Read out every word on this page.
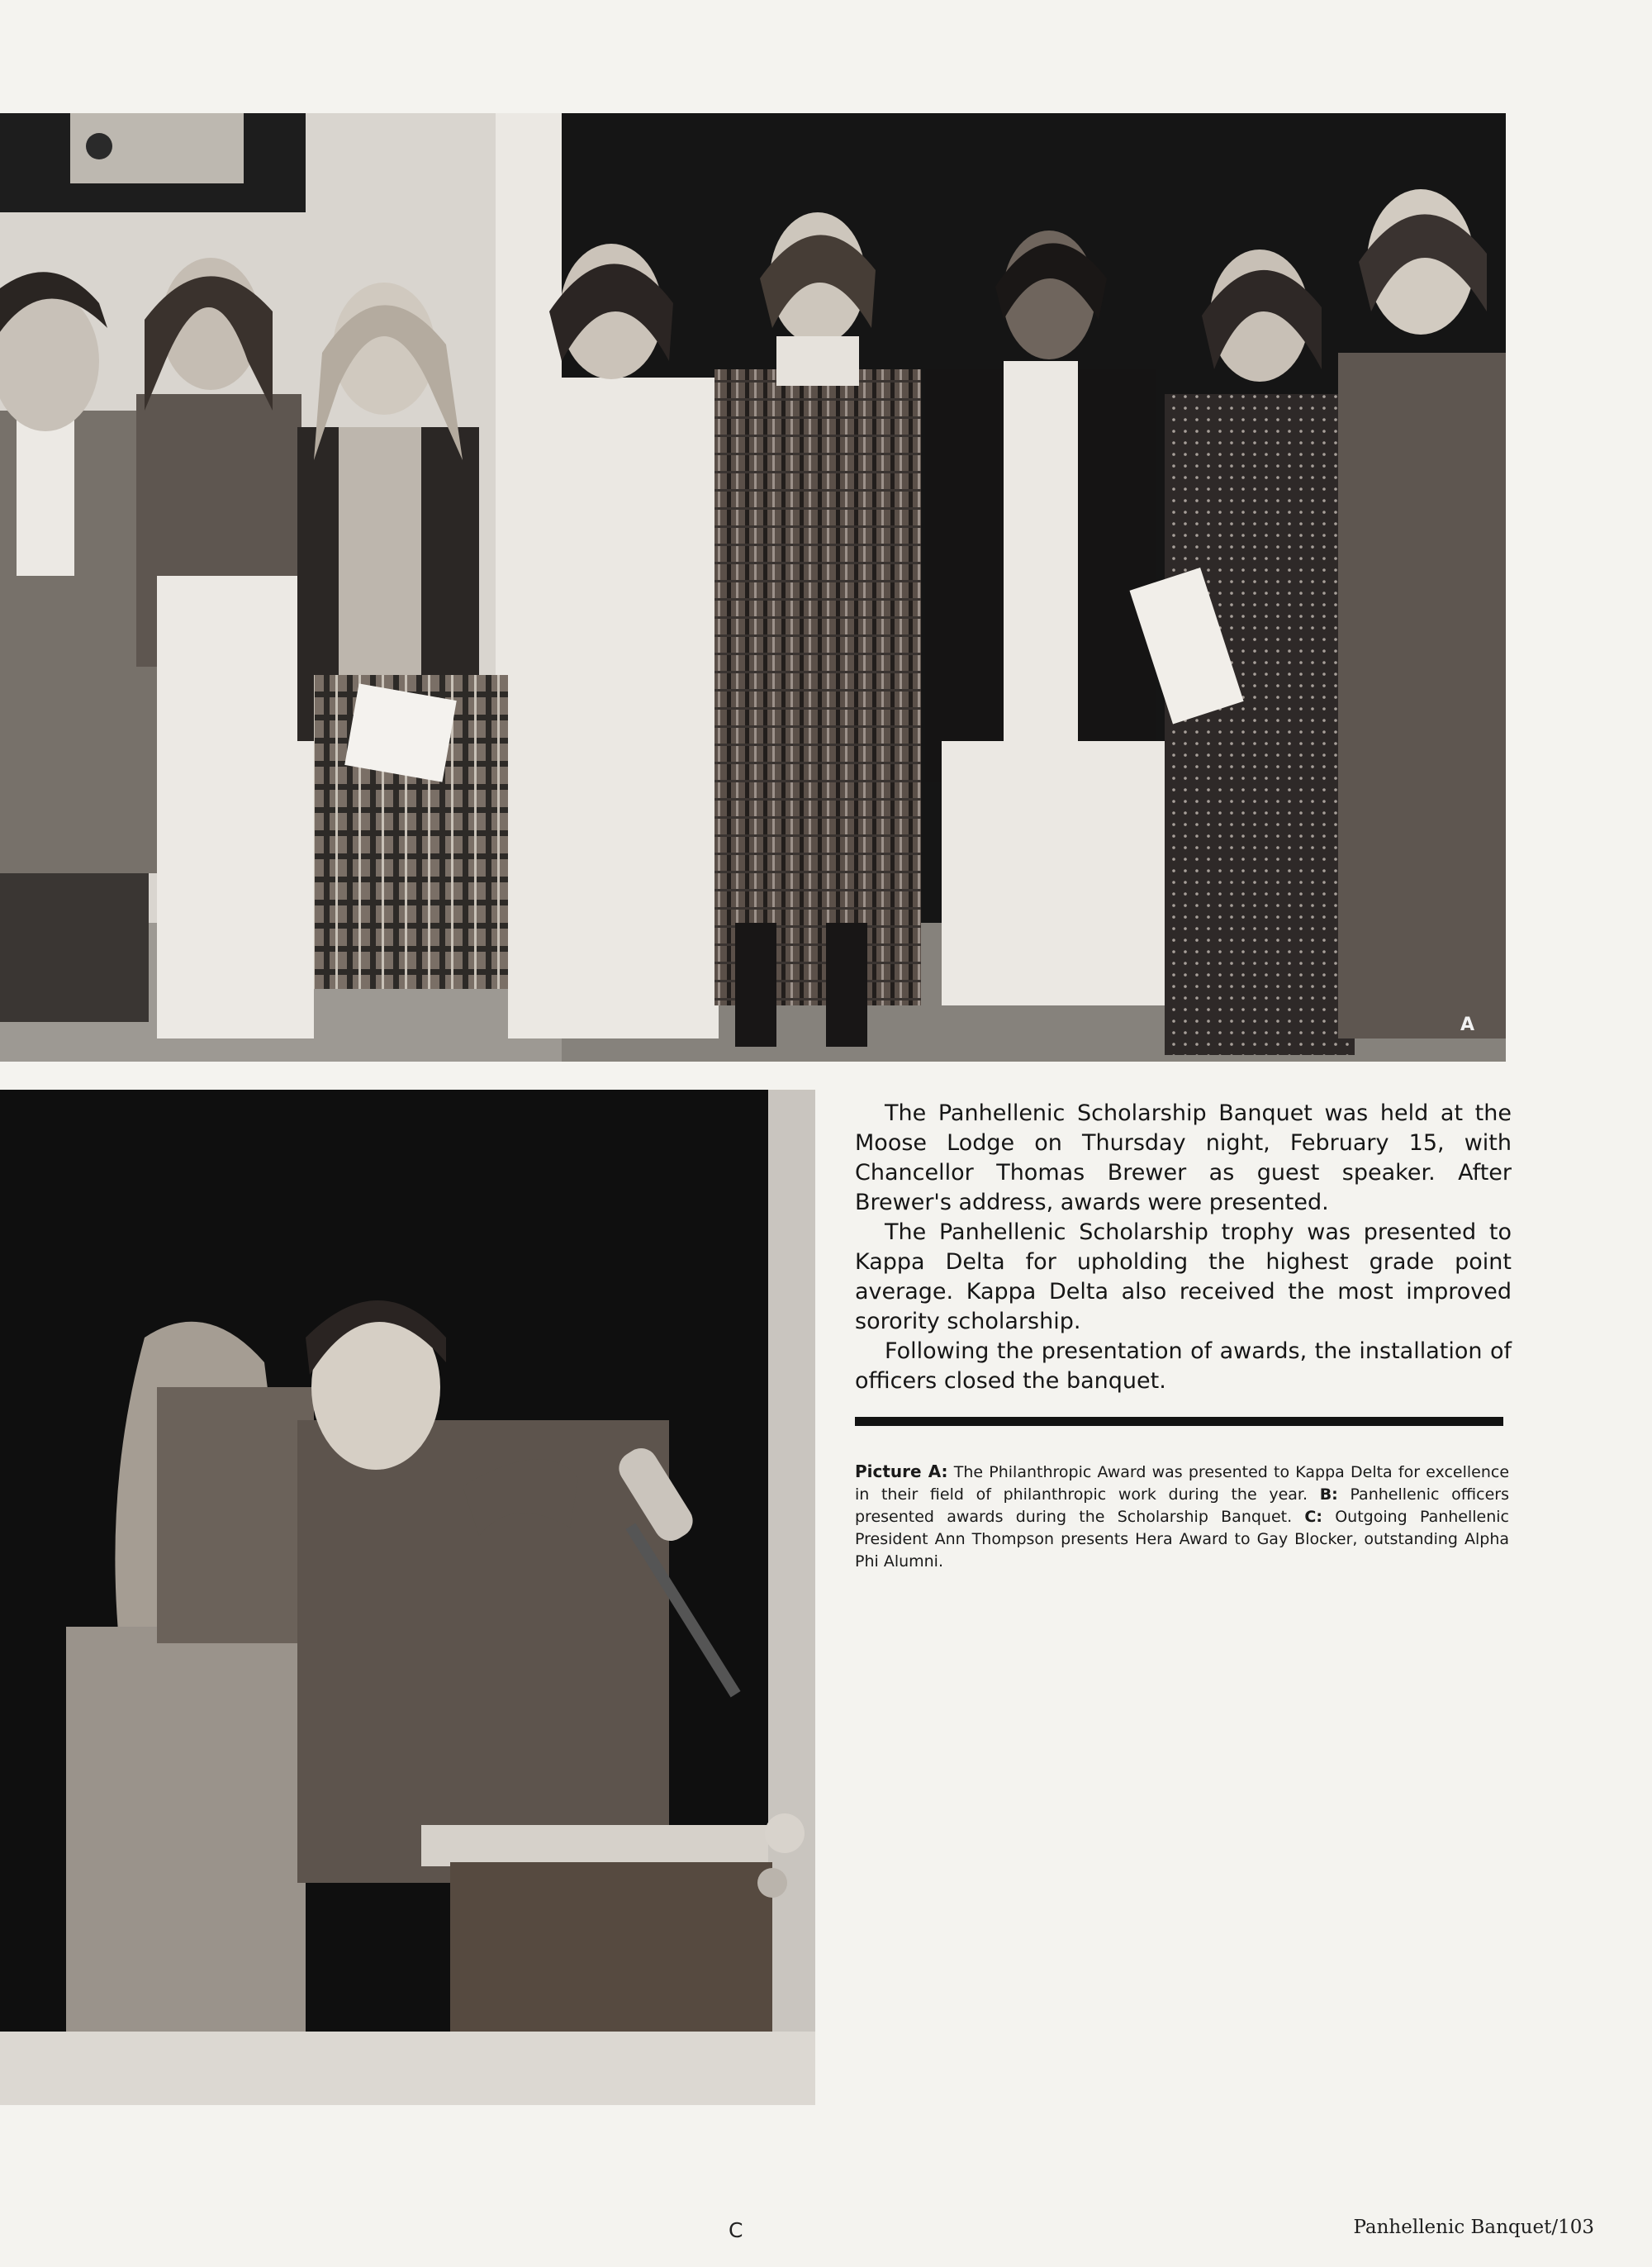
A

The Panhellenic Scholarship Banquet was held at the Moose Lodge on Thursday night, February 15, with Chancellor Thomas Brewer as guest speaker. After Brewer's address, awards were presented.

The Panhellenic Scholarship trophy was presented to Kappa Delta for upholding the highest grade point average. Kappa Delta also received the most improved sorority scholarship.

Following the presentation of awards, the installation of officers closed the banquet.

Picture A: The Philanthropic Award was presented to Kappa Delta for excellence in their field of philanthropic work during the year. B: Panhellenic officers presented awards during the Scholarship Banquet. C: Outgoing Panhellenic President Ann Thompson presents Hera Award to Gay Blocker, outstanding Alpha Phi Alumni.
C	Panhellenic Banquet/103
